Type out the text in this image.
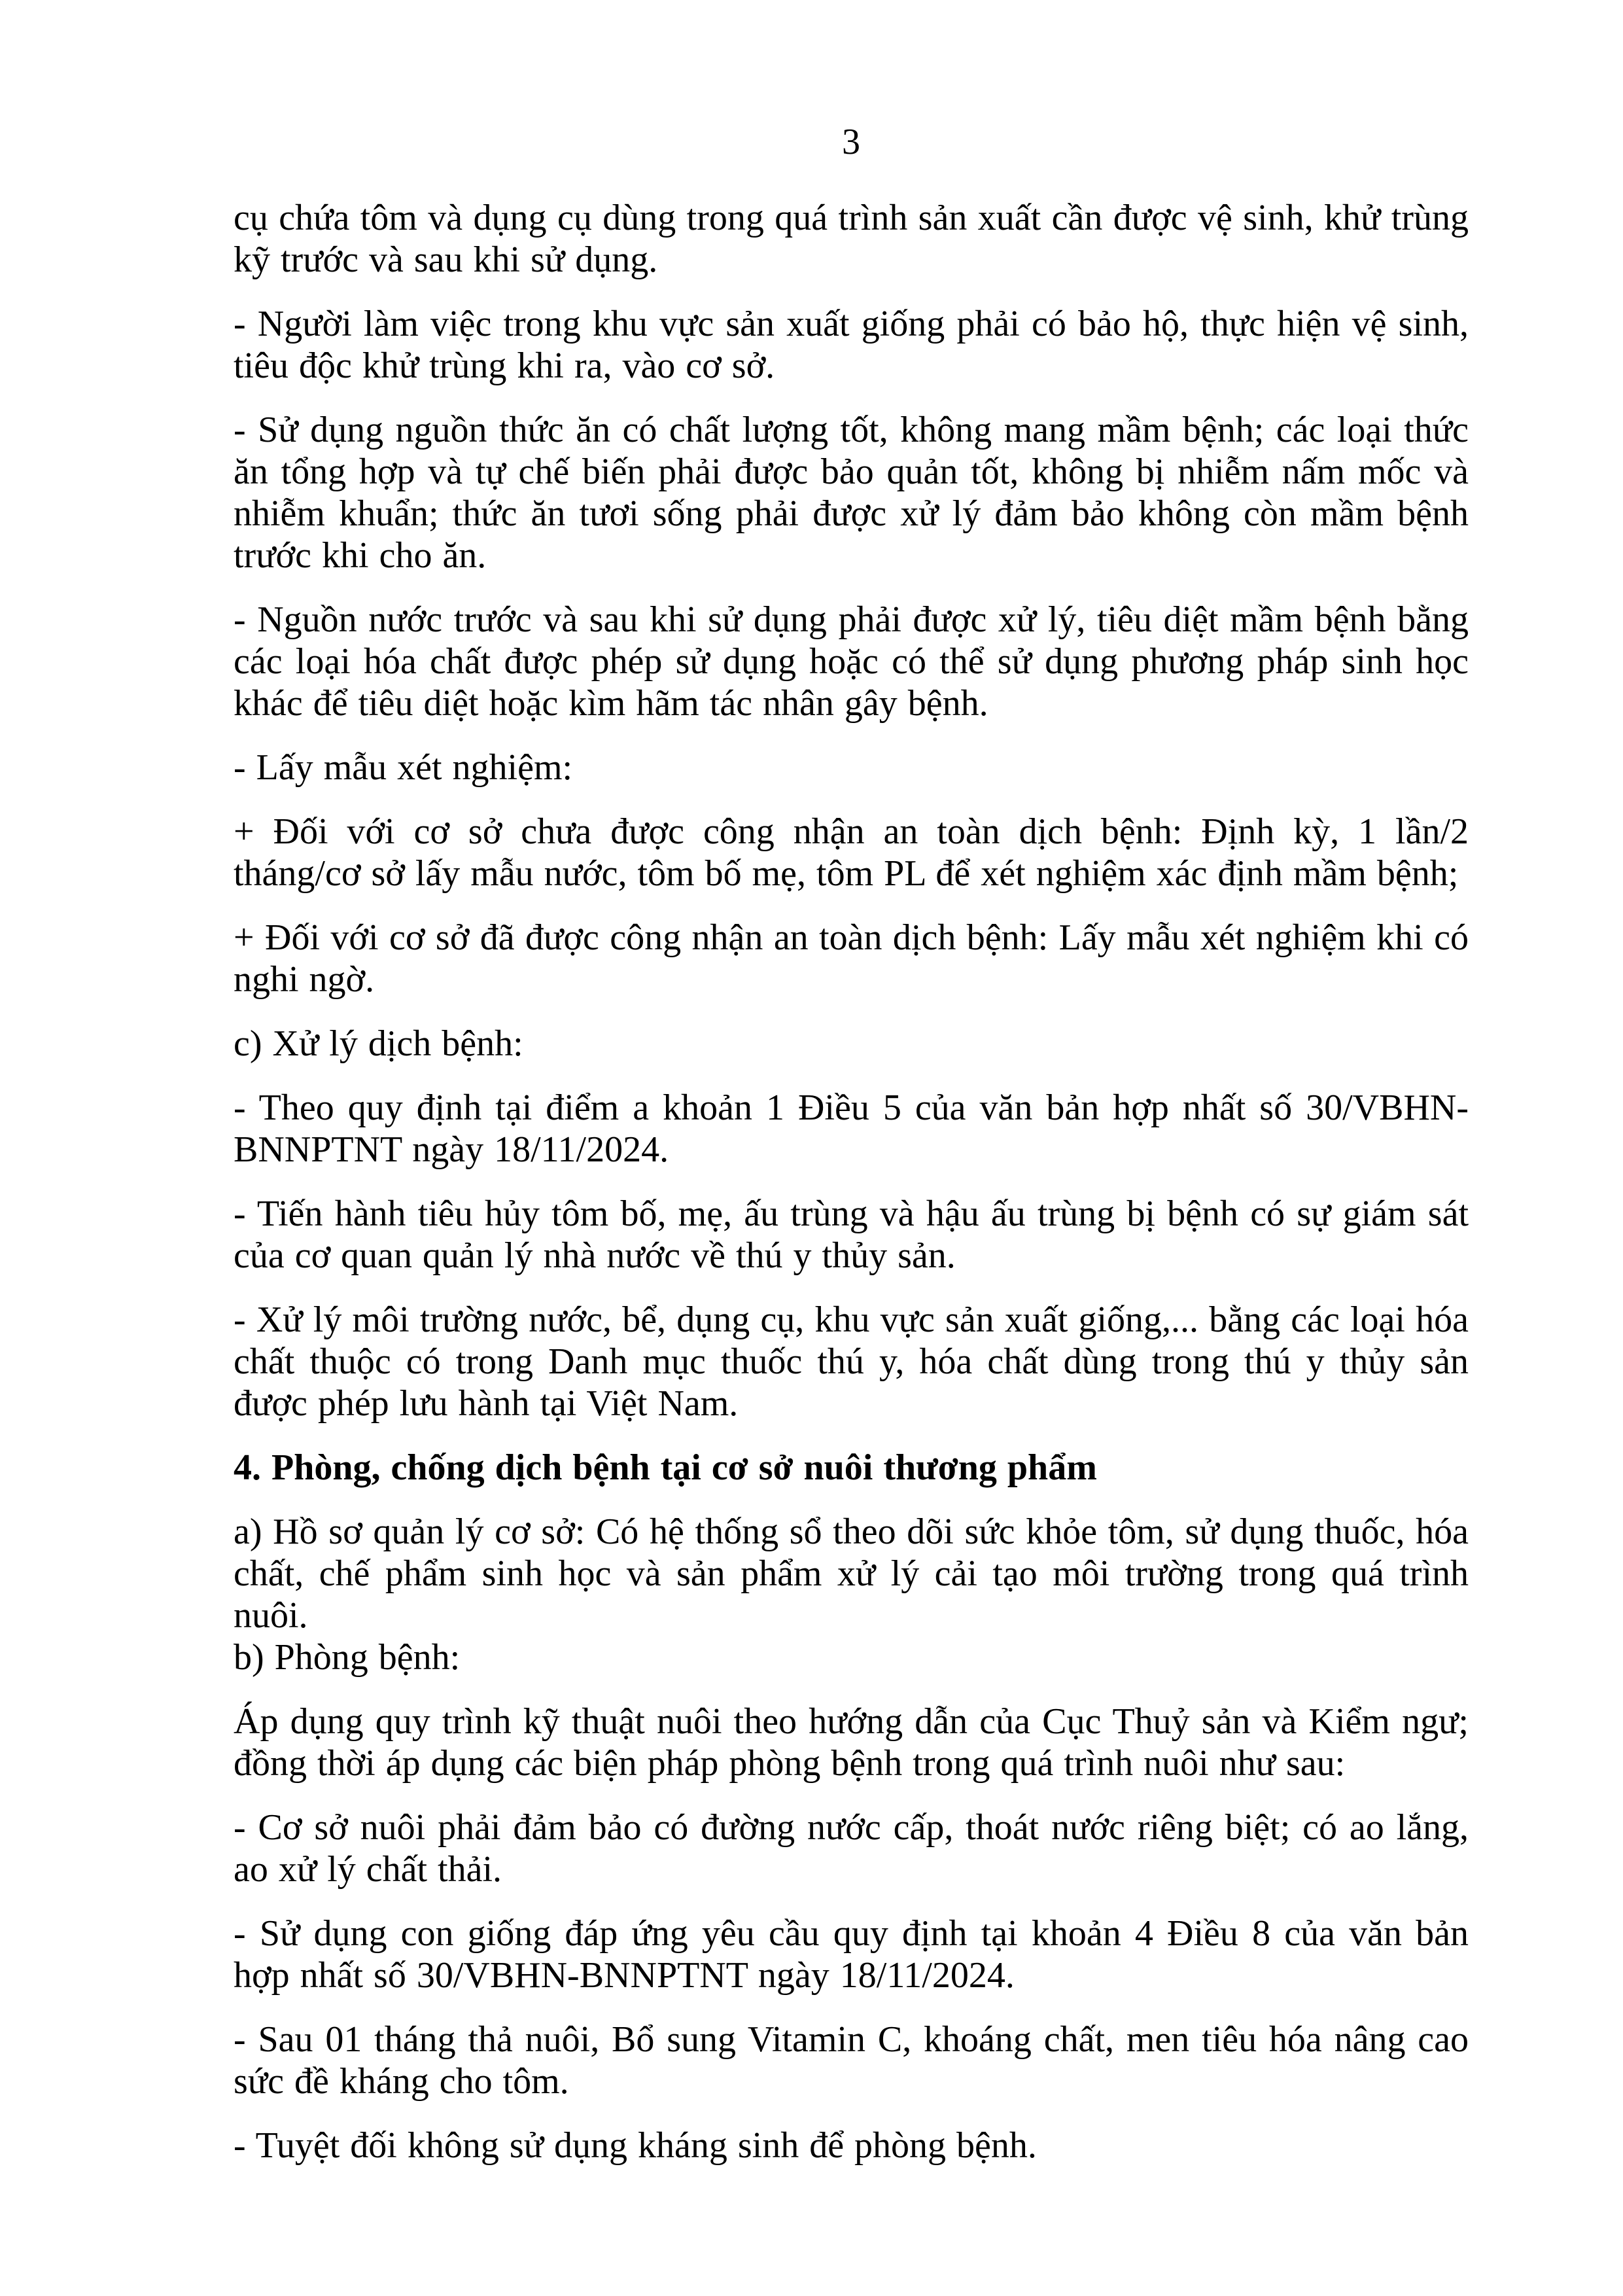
3

cụ chứa tôm và dụng cụ dùng trong quá trình sản xuất cần được vệ sinh, khử trùng kỹ trước và sau khi sử dụng.

- Người làm việc trong khu vực sản xuất giống phải có bảo hộ, thực hiện vệ sinh, tiêu độc khử trùng khi ra, vào cơ sở.

- Sử dụng nguồn thức ăn có chất lượng tốt, không mang mầm bệnh; các loại thức ăn tổng hợp và tự chế biến phải được bảo quản tốt, không bị nhiễm nấm mốc và nhiễm khuẩn; thức ăn tươi sống phải được xử lý đảm bảo không còn mầm bệnh trước khi cho ăn.

- Nguồn nước trước và sau khi sử dụng phải được xử lý, tiêu diệt mầm bệnh bằng các loại hóa chất được phép sử dụng hoặc có thể sử dụng phương pháp sinh học khác để tiêu diệt hoặc kìm hãm tác nhân gây bệnh.

- Lấy mẫu xét nghiệm:

+ Đối với cơ sở chưa được công nhận an toàn dịch bệnh: Định kỳ, 1 lần/2 tháng/cơ sở lấy mẫu nước, tôm bố mẹ, tôm PL để xét nghiệm xác định mầm bệnh;

+ Đối với cơ sở đã được công nhận an toàn dịch bệnh: Lấy mẫu xét nghiệm khi có nghi ngờ.

c) Xử lý dịch bệnh:

- Theo quy định tại điểm a khoản 1 Điều 5 của văn bản hợp nhất số 30/VBHN-BNNPTNT ngày 18/11/2024.

- Tiến hành tiêu hủy tôm bố, mẹ, ấu trùng và hậu ấu trùng bị bệnh có sự giám sát của cơ quan quản lý nhà nước về thú y thủy sản.

- Xử lý môi trường nước, bể, dụng cụ, khu vực sản xuất giống,... bằng các loại hóa chất thuộc có trong Danh mục thuốc thú y, hóa chất dùng trong thú y thủy sản được phép lưu hành tại Việt Nam.

4. Phòng, chống dịch bệnh tại cơ sở nuôi thương phẩm

a) Hồ sơ quản lý cơ sở: Có hệ thống sổ theo dõi sức khỏe tôm, sử dụng thuốc, hóa chất, chế phẩm sinh học và sản phẩm xử lý cải tạo môi trường trong quá trình nuôi.

b) Phòng bệnh:

Áp dụng quy trình kỹ thuật nuôi theo hướng dẫn của Cục Thuỷ sản và Kiểm ngư; đồng thời áp dụng các biện pháp phòng bệnh trong quá trình nuôi như sau:

- Cơ sở nuôi phải đảm bảo có đường nước cấp, thoát nước riêng biệt; có ao lắng, ao xử lý chất thải.

- Sử dụng con giống đáp ứng yêu cầu quy định tại khoản 4 Điều 8 của văn bản hợp nhất số 30/VBHN-BNNPTNT ngày 18/11/2024.

- Sau 01 tháng thả nuôi, Bổ sung Vitamin C, khoáng chất, men tiêu hóa nâng cao sức đề kháng cho tôm.

- Tuyệt đối không sử dụng kháng sinh để phòng bệnh.
